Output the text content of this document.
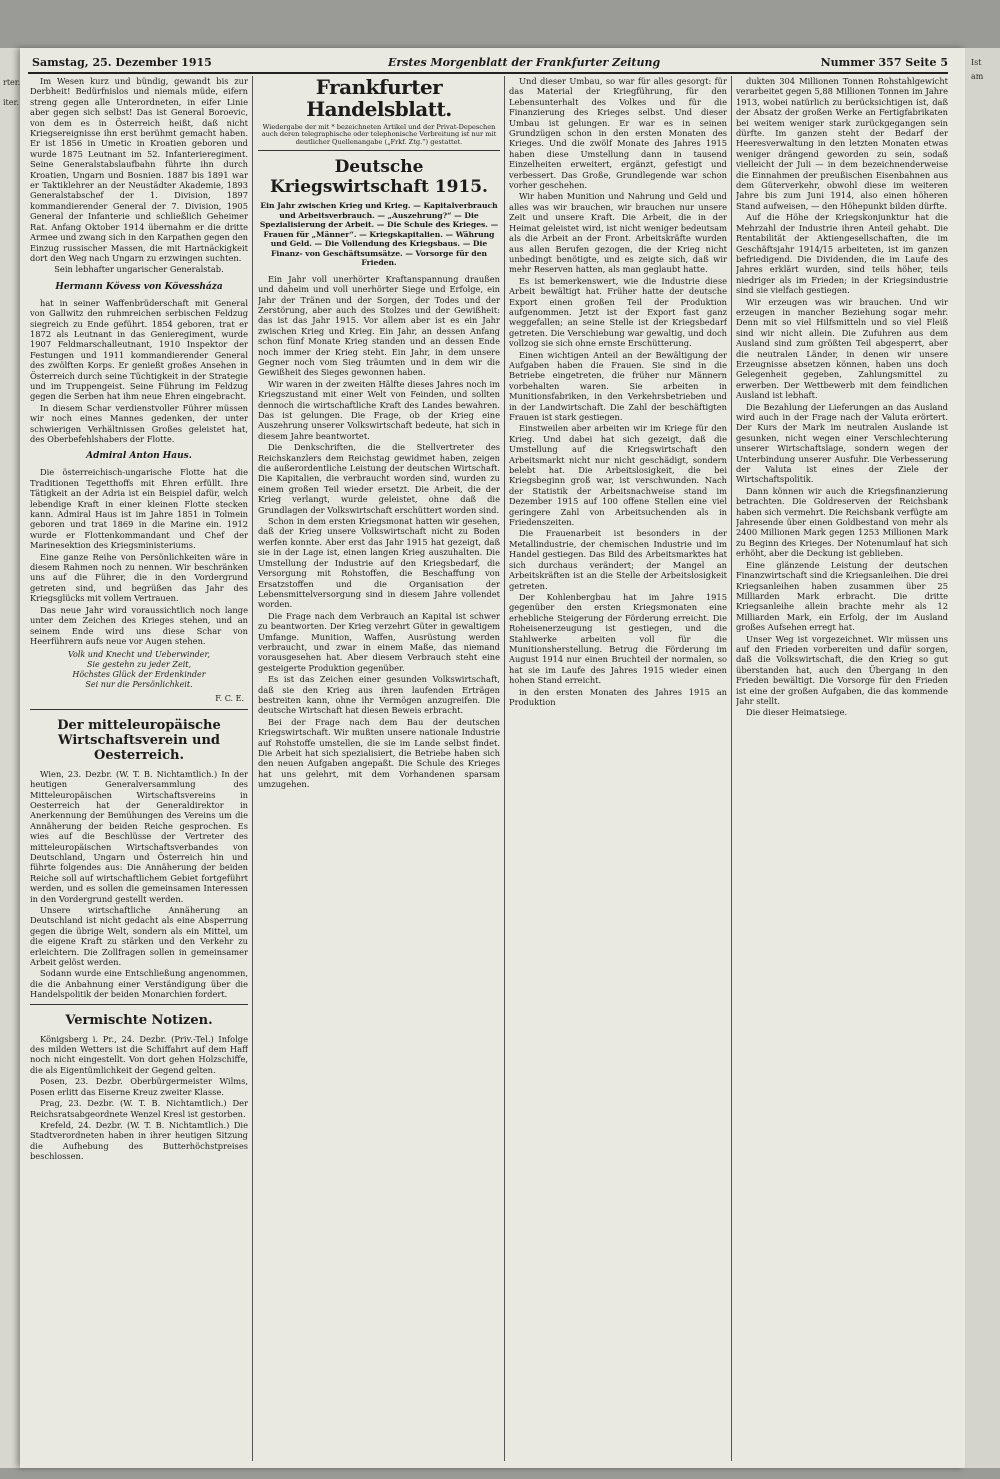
rter.
iter.
Ist
am
Samstag, 25. Dezember 1915	Erstes Morgenblatt der Frankfurter Zeitung	Nummer 357 Seite 5

Im Wesen kurz und bündig, gewandt bis zur Derbheit! Bedürfnislos und niemals müde, eifern streng gegen alle Unterordneten, in eifer Linie aber gegen sich selbst! Das ist General Boroevic, von dem es in Österreich heißt, daß nicht Kriegsereignisse ihn erst berühmt gemacht haben. Er ist 1856 in Umetic in Kroatien geboren und wurde 1875 Leutnant im 52. Infanterieregiment. Seine Generalstabslaufbahn führte ihn durch Kroatien, Ungarn und Bosnien. 1887 bis 1891 war er Taktiklehrer an der Neustädter Akademie, 1893 Generalstabschef der 1. Division, 1897 kommandierender General der 7. Division, 1905 General der Infanterie und schließlich Geheimer Rat. Anfang Oktober 1914 übernahm er die dritte Armee und zwang sich in den Karpathen gegen den Einzug russischer Massen, die mit Hartnäckigkeit dort den Weg nach Ungarn zu erzwingen suchten.

Sein lebhafter ungarischer Generalstab.

Hermann Kövess von Kövessháza

hat in seiner Waffenbrüderschaft mit General von Gallwitz den ruhmreichen serbischen Feldzug siegreich zu Ende geführt. 1854 geboren, trat er 1872 als Leutnant in das Genieregiment, wurde 1907 Feldmarschalleutnant, 1910 Inspektor der Festungen und 1911 kommandierender General des zwölften Korps. Er genießt großes Ansehen in Österreich durch seine Tüchtigkeit in der Strategie und im Truppengeist. Seine Führung im Feldzug gegen die Serben hat ihm neue Ehren eingebracht.

In diesem Schar verdienstvoller Führer müssen wir noch eines Mannes gedenken, der unter schwierigen Verhältnissen Großes geleistet hat, des Oberbefehlshabers der Flotte.

Admiral Anton Haus.

Die österreichisch-ungarische Flotte hat die Traditionen Tegetthoffs mit Ehren erfüllt. Ihre Tätigkeit an der Adria ist ein Beispiel dafür, welch lebendige Kraft in einer kleinen Flotte stecken kann. Admiral Haus ist im Jahre 1851 in Tolmein geboren und trat 1869 in die Marine ein. 1912 wurde er Flottenkommandant und Chef der Marinesektion des Kriegsministeriums.

Eine ganze Reihe von Persönlichkeiten wäre in diesem Rahmen noch zu nennen. Wir beschränken uns auf die Führer, die in den Vordergrund getreten sind, und begrüßen das Jahr des Kriegsglücks mit vollem Vertrauen.

Das neue Jahr wird voraussichtlich noch lange unter dem Zeichen des Krieges stehen, und an seinem Ende wird uns diese Schar von Heerführern aufs neue vor Augen stehen.

Volk und Knecht und Ueberwinder,
Sie gestehn zu jeder Zeit,
Höchstes Glück der Erdenkinder
Sei nur die Persönlichkeit.
F. C. E.
Der mitteleuropäische Wirtschaftsverein und Oesterreich.

Wien, 23. Dezbr. (W. T. B. Nichtamtlich.) In der heutigen Generalversammlung des Mitteleuropäischen Wirtschaftsvereins in Oesterreich hat der Generaldirektor in Anerkennung der Bemühungen des Vereins um die Annäherung der beiden Reiche gesprochen. Es wies auf die Beschlüsse der Vertreter des mitteleuropäischen Wirtschaftsverbandes von Deutschland, Ungarn und Österreich hin und führte folgendes aus: Die Annäherung der beiden Reiche soll auf wirtschaftlichem Gebiet fortgeführt werden, und es sollen die gemeinsamen Interessen in den Vordergrund gestellt werden.

Unsere wirtschaftliche Annäherung an Deutschland ist nicht gedacht als eine Absperrung gegen die übrige Welt, sondern als ein Mittel, um die eigene Kraft zu stärken und den Verkehr zu erleichtern. Die Zollfragen sollen in gemeinsamer Arbeit gelöst werden.

Sodann wurde eine Entschließung angenommen, die die Anbahnung einer Verständigung über die Handelspolitik der beiden Monarchien fordert.

Vermischte Notizen.

Königsberg i. Pr., 24. Dezbr. (Priv.-Tel.) Infolge des milden Wetters ist die Schiffahrt auf dem Haff noch nicht eingestellt. Von dort gehen Holzschiffe, die als Eigentümlichkeit der Gegend gelten.

Posen, 23. Dezbr. Oberbürgermeister Wilms, Posen erlitt das Eiserne Kreuz zweiter Klasse.

Prag, 23. Dezbr. (W. T. B. Nichtamtlich.) Der Reichsratsabgeordnete Wenzel Kresl ist gestorben.

Krefeld, 24. Dezbr. (W. T. B. Nichtamtlich.) Die Stadtverordneten haben in ihrer heutigen Sitzung die Aufhebung des Butterhöchstpreises beschlossen.

Frankfurter Handelsblatt.
Wiedergabe der mit * bezeichneten Artikel und der Privat-Depeschen auch deren telegraphische oder telephonische Verbreitung ist nur mit deutlicher Quellenangabe („Frkf. Ztg.“) gestattet.
Deutsche Kriegswirtschaft 1915.
Ein Jahr zwischen Krieg und Krieg. — Kapitalverbrauch und Arbeitsverbrauch. — „Auszehrung?“ — Die Spezialisierung der Arbeit. — Die Schule des Krieges. — Frauen für „Männer“. — Kriegskapitalien. — Währung und Geld. — Die Vollendung des Kriegsbaus. — Die Finanz- von Geschäftsumsätze. — Vorsorge für den Frieden.

Ein Jahr voll unerhörter Kraftanspannung draußen und daheim und voll unerhörter Siege und Erfolge, ein Jahr der Tränen und der Sorgen, der Todes und der Zerstörung, aber auch des Stolzes und der Gewißheit: das ist das Jahr 1915. Vor allem aber ist es ein Jahr zwischen Krieg und Krieg. Ein Jahr, an dessen Anfang schon fünf Monate Krieg standen und an dessen Ende noch immer der Krieg steht. Ein Jahr, in dem unsere Gegner noch vom Sieg träumten und in dem wir die Gewißheit des Sieges gewonnen haben.

Wir waren in der zweiten Hälfte dieses Jahres noch im Kriegszustand mit einer Welt von Feinden, und sollten dennoch die wirtschaftliche Kraft des Landes bewahren. Das ist gelungen. Die Frage, ob der Krieg eine Auszehrung unserer Volkswirtschaft bedeute, hat sich in diesem Jahre beantwortet.

Die Denkschriften, die die Stellvertreter des Reichskanzlers dem Reichstag gewidmet haben, zeigen die außerordentliche Leistung der deutschen Wirtschaft. Die Kapitalien, die verbraucht worden sind, wurden zu einem großen Teil wieder ersetzt. Die Arbeit, die der Krieg verlangt, wurde geleistet, ohne daß die Grundlagen der Volkswirtschaft erschüttert worden sind.

Schon in dem ersten Kriegsmonat hatten wir gesehen, daß der Krieg unsere Volkswirtschaft nicht zu Boden werfen konnte. Aber erst das Jahr 1915 hat gezeigt, daß sie in der Lage ist, einen langen Krieg auszuhalten. Die Umstellung der Industrie auf den Kriegsbedarf, die Versorgung mit Rohstoffen, die Beschaffung von Ersatzstoffen und die Organisation der Lebensmittelversorgung sind in diesem Jahre vollendet worden.

Die Frage nach dem Verbrauch an Kapital ist schwer zu beantworten. Der Krieg verzehrt Güter in gewaltigem Umfange. Munition, Waffen, Ausrüstung werden verbraucht, und zwar in einem Maße, das niemand vorausgesehen hat. Aber diesem Verbrauch steht eine gesteigerte Produktion gegenüber.

Es ist das Zeichen einer gesunden Volkswirtschaft, daß sie den Krieg aus ihren laufenden Erträgen bestreiten kann, ohne ihr Vermögen anzugreifen. Die deutsche Wirtschaft hat diesen Beweis erbracht.

Bei der Frage nach dem Bau der deutschen Kriegswirtschaft. Wir mußten unsere nationale Industrie auf Rohstoffe umstellen, die sie im Lande selbst findet. Die Arbeit hat sich spezialisiert, die Betriebe haben sich den neuen Aufgaben angepaßt. Die Schule des Krieges hat uns gelehrt, mit dem Vorhandenen sparsam umzugehen.

Und dieser Umbau, so war für alles gesorgt: für das Material der Kriegführung, für den Lebensunterhalt des Volkes und für die Finanzierung des Krieges selbst. Und dieser Umbau ist gelungen. Er war es in seinen Grundzügen schon in den ersten Monaten des Krieges. Und die zwölf Monate des Jahres 1915 haben diese Umstellung dann in tausend Einzelheiten erweitert, ergänzt, gefestigt und verbessert. Das Große, Grundlegende war schon vorher geschehen.

Wir haben Munition und Nahrung und Geld und alles was wir brauchen, wir brauchen nur unsere Zeit und unsere Kraft. Die Arbeit, die in der Heimat geleistet wird, ist nicht weniger bedeutsam als die Arbeit an der Front. Arbeitskräfte wurden aus allen Berufen gezogen, die der Krieg nicht unbedingt benötigte, und es zeigte sich, daß wir mehr Reserven hatten, als man geglaubt hatte.

Es ist bemerkenswert, wie die Industrie diese Arbeit bewältigt hat. Früher hatte der deutsche Export einen großen Teil der Produktion aufgenommen. Jetzt ist der Export fast ganz weggefallen; an seine Stelle ist der Kriegsbedarf getreten. Die Verschiebung war gewaltig, und doch vollzog sie sich ohne ernste Erschütterung.

Einen wichtigen Anteil an der Bewältigung der Aufgaben haben die Frauen. Sie sind in die Betriebe eingetreten, die früher nur Männern vorbehalten waren. Sie arbeiten in Munitionsfabriken, in den Verkehrsbetrieben und in der Landwirtschaft. Die Zahl der beschäftigten Frauen ist stark gestiegen.

Einstweilen aber arbeiten wir im Kriege für den Krieg. Und dabei hat sich gezeigt, daß die Umstellung auf die Kriegswirtschaft den Arbeitsmarkt nicht nur nicht geschädigt, sondern belebt hat. Die Arbeitslosigkeit, die bei Kriegsbeginn groß war, ist verschwunden. Nach der Statistik der Arbeitsnachweise stand im Dezember 1915 auf 100 offene Stellen eine viel geringere Zahl von Arbeitsuchenden als in Friedenszeiten.

Die Frauenarbeit ist besonders in der Metallindustrie, der chemischen Industrie und im Handel gestiegen. Das Bild des Arbeitsmarktes hat sich durchaus verändert; der Mangel an Arbeitskräften ist an die Stelle der Arbeitslosigkeit getreten.

Der Kohlenbergbau hat im Jahre 1915 gegenüber den ersten Kriegsmonaten eine erhebliche Steigerung der Förderung erreicht. Die Roheisenerzeugung ist gestiegen, und die Stahlwerke arbeiten voll für die Munitionsherstellung. Betrug die Förderung im August 1914 nur einen Bruchteil der normalen, so hat sie im Laufe des Jahres 1915 wieder einen hohen Stand erreicht.

in den ersten Monaten des Jahres 1915 an Produktion

dukten 304 Millionen Tonnen Rohstahlgewicht verarbeitet gegen 5,88 Millionen Tonnen im Jahre 1913, wobei natürlich zu berücksichtigen ist, daß der Absatz der großen Werke an Fertigfabrikaten bei weitem weniger stark zurückgegangen sein dürfte. Im ganzen steht der Bedarf der Heeresverwaltung in den letzten Monaten etwas weniger drängend geworden zu sein, sodaß vielleicht der Juli — in dem bezeichnenderweise die Einnahmen der preußischen Eisenbahnen aus dem Güterverkehr, obwohl diese im weiteren Jahre bis zum Juni 1914, also einen höheren Stand aufweisen, — den Höhepunkt bilden dürfte.

Auf die Höhe der Kriegskonjunktur hat die Mehrzahl der Industrie ihren Anteil gehabt. Die Rentabilität der Aktiengesellschaften, die im Geschäftsjahr 1914/15 arbeiteten, ist im ganzen befriedigend. Die Dividenden, die im Laufe des Jahres erklärt wurden, sind teils höher, teils niedriger als im Frieden; in der Kriegsindustrie sind sie vielfach gestiegen.

Wir erzeugen was wir brauchen. Und wir erzeugen in mancher Beziehung sogar mehr. Denn mit so viel Hilfsmitteln und so viel Fleiß sind wir nicht allein. Die Zufuhren aus dem Ausland sind zum größten Teil abgesperrt, aber die neutralen Länder, in denen wir unsere Erzeugnisse absetzen können, haben uns doch Gelegenheit gegeben, Zahlungsmittel zu erwerben. Der Wettbewerb mit dem feindlichen Ausland ist lebhaft.

Die Bezahlung der Lieferungen an das Ausland wird auch in der Frage nach der Valuta erörtert. Der Kurs der Mark im neutralen Auslande ist gesunken, nicht wegen einer Verschlechterung unserer Wirtschaftslage, sondern wegen der Unterbindung unserer Ausfuhr. Die Verbesserung der Valuta ist eines der Ziele der Wirtschaftspolitik.

Dann können wir auch die Kriegsfinanzierung betrachten. Die Goldreserven der Reichsbank haben sich vermehrt. Die Reichsbank verfügte am Jahresende über einen Goldbestand von mehr als 2400 Millionen Mark gegen 1253 Millionen Mark zu Beginn des Krieges. Der Notenumlauf hat sich erhöht, aber die Deckung ist geblieben.

Eine glänzende Leistung der deutschen Finanzwirtschaft sind die Kriegsanleihen. Die drei Kriegsanleihen haben zusammen über 25 Milliarden Mark erbracht. Die dritte Kriegsanleihe allein brachte mehr als 12 Milliarden Mark, ein Erfolg, der im Ausland großes Aufsehen erregt hat.

Unser Weg ist vorgezeichnet. Wir müssen uns auf den Frieden vorbereiten und dafür sorgen, daß die Volkswirtschaft, die den Krieg so gut überstanden hat, auch den Übergang in den Frieden bewältigt. Die Vorsorge für den Frieden ist eine der großen Aufgaben, die das kommende Jahr stellt.

Die dieser Heimatsiege.
